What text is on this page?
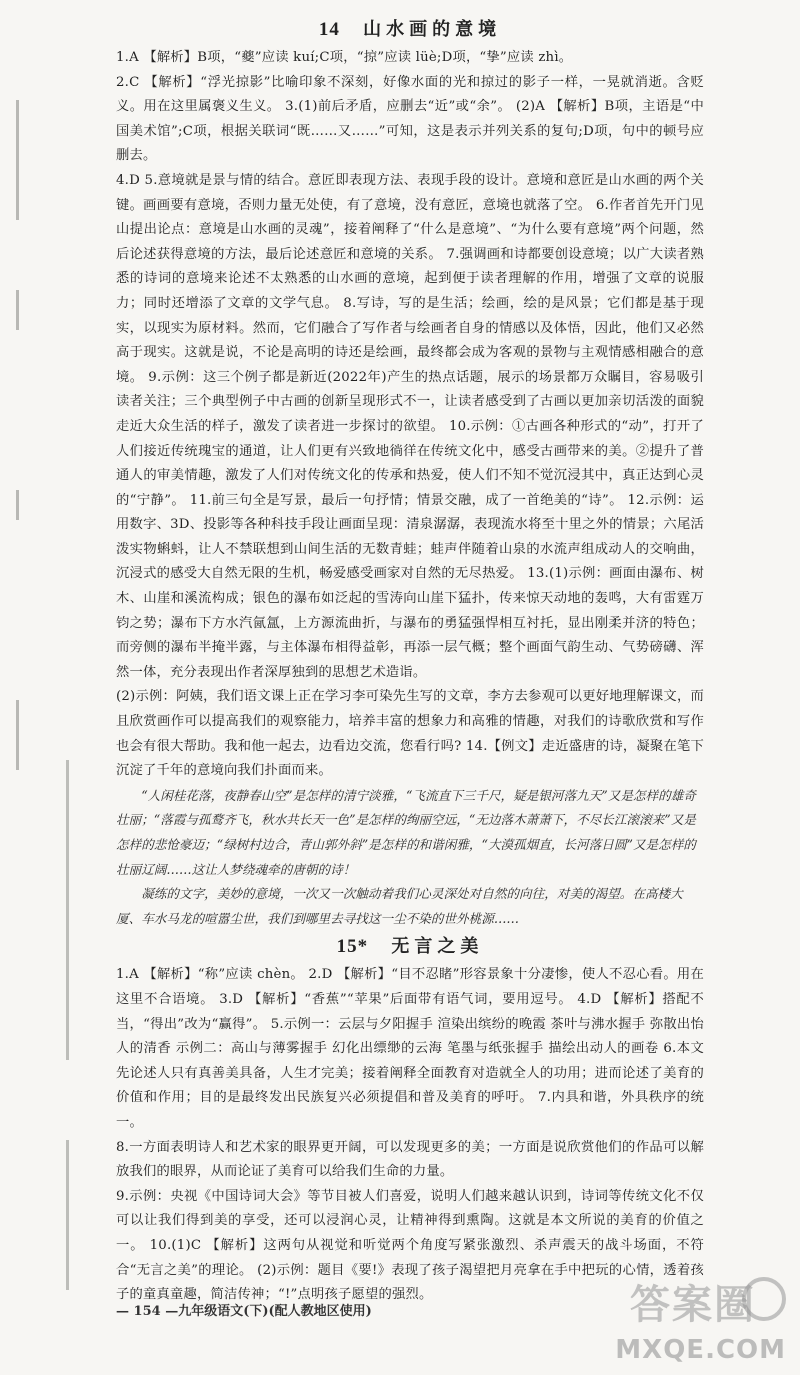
14 山水画的意境

1.A 【解析】B项，“夔”应读 kuí;C项，“掠”应读 lüè;D项，“挚”应读 zhì。

2.C 【解析】“浮光掠影”比喻印象不深刻，好像水面的光和掠过的影子一样，一晃就消逝。含贬义。用在这里属褒义生义。 3.(1)前后矛盾，应删去“近”或“余”。 (2)A 【解析】B项，主语是“中国美术馆”;C项，根据关联词“既……又……”可知，这是表示并列关系的复句;D项，句中的顿号应删去。

4.D 5.意境就是景与情的结合。意匠即表现方法、表现手段的设计。意境和意匠是山水画的两个关键。画画要有意境，否则力量无处使，有了意境，没有意匠，意境也就落了空。 6.作者首先开门见山提出论点：意境是山水画的灵魂”，接着阐释了“什么是意境”、“为什么要有意境”两个问题，然后论述获得意境的方法，最后论述意匠和意境的关系。 7.强调画和诗都要创设意境；以广大读者熟悉的诗词的意境来论述不太熟悉的山水画的意境，起到便于读者理解的作用，增强了文章的说服力；同时还增添了文章的文学气息。 8.写诗，写的是生活；绘画，绘的是风景；它们都是基于现实，以现实为原材料。然而，它们融合了写作者与绘画者自身的情感以及体悟，因此，他们又必然高于现实。这就是说，不论是高明的诗还是绘画，最终都会成为客观的景物与主观情感相融合的意境。 9.示例：这三个例子都是新近(2022年)产生的热点话题，展示的场景都万众瞩目，容易吸引读者关注；三个典型例子中古画的创新呈现形式不一，让读者感受到了古画以更加亲切活泼的面貌走近大众生活的样子，激发了读者进一步探讨的欲望。 10.示例：①古画各种形式的“动”，打开了人们接近传统瑰宝的通道，让人们更有兴致地徜徉在传统文化中，感受古画带来的美。②提升了普通人的审美情趣，激发了人们对传统文化的传承和热爱，使人们不知不觉沉浸其中，真正达到心灵的“宁静”。 11.前三句全是写景，最后一句抒情；情景交融，成了一首绝美的“诗”。 12.示例：运用数字、3D、投影等各种科技手段让画面呈现：清泉潺潺，表现流水将至十里之外的情景；六尾活泼实物蝌蚪，让人不禁联想到山间生活的无数青蛙；蛙声伴随着山泉的水流声组成动人的交响曲，沉浸式的感受大自然无限的生机，畅爱感受画家对自然的无尽热爱。 13.(1)示例：画面由瀑布、树木、山崖和溪流构成；银色的瀑布如泛起的雪涛向山崖下猛扑，传来惊天动地的轰鸣，大有雷霆万钧之势；瀑布下方水汽氤氲，上方源流曲折，与瀑布的勇猛强悍相互衬托，显出刚柔并济的特色；而旁侧的瀑布半掩半露，与主体瀑布相得益彰，再添一层气概；整个画面气韵生动、气势磅礴、浑然一体，充分表现出作者深厚独到的思想艺术造诣。

(2)示例：阿姨，我们语文课上正在学习李可染先生写的文章，李方去参观可以更好地理解课文，而且欣赏画作可以提高我们的观察能力，培养丰富的想象力和高雅的情趣，对我们的诗歌欣赏和写作也会有很大帮助。我和他一起去，边看边交流，您看行吗? 14.【例文】走近盛唐的诗，凝聚在笔下沉淀了千年的意境向我们扑面而来。

“人闲桂花落，夜静春山空”是怎样的清宁淡雅，“飞流直下三千尺，疑是银河落九天”又是怎样的雄奇壮丽；“落霞与孤鹜齐飞，秋水共长天一色”是怎样的绚丽空远，“无边落木萧萧下，不尽长江滚滚来”又是怎样的悲怆豪迈；“绿树村边合，青山郭外斜”是怎样的和谐闲雅，“大漠孤烟直，长河落日圆”又是怎样的壮丽辽阔……这让人梦绕魂牵的唐朝的诗！

凝练的文字，美妙的意境，一次又一次触动着我们心灵深处对自然的向往，对美的渴望。在高楼大厦、车水马龙的喧嚣尘世，我们到哪里去寻找这一尘不染的世外桃源……

15* 无言之美

1.A 【解析】“称”应读 chèn。 2.D 【解析】“目不忍睹”形容景象十分凄惨，使人不忍心看。用在这里不合语境。 3.D 【解析】“香蕉”“苹果”后面带有语气词，要用逗号。 4.D 【解析】搭配不当，“得出”改为“赢得”。 5.示例一：云层与夕阳握手 渲染出缤纷的晚霞 茶叶与沸水握手 弥散出怡人的清香 示例二：高山与薄雾握手 幻化出缥缈的云海 笔墨与纸张握手 描绘出动人的画卷 6.本文先论述人只有真善美具备，人生才完美；接着阐释全面教育对造就全人的功用；进而论述了美育的价值和作用；目的是最终发出民族复兴必须提倡和普及美育的呼吁。 7.内具和谐，外具秩序的统一。

8.一方面表明诗人和艺术家的眼界更开阔，可以发现更多的美；一方面是说欣赏他们的作品可以解放我们的眼界，从而论证了美育可以给我们生命的力量。

9.示例：央视《中国诗词大会》等节目被人们喜爱，说明人们越来越认识到，诗词等传统文化不仅可以让我们得到美的享受，还可以浸润心灵，让精神得到熏陶。这就是本文所说的美育的价值之一。 10.(1)C 【解析】这两句从视觉和听觉两个角度写紧张激烈、杀声震天的战斗场面，不符合“无言之美”的理论。 (2)示例：题目《要!》表现了孩子渴望把月亮拿在手中把玩的心情，透着孩子的童真童趣，简洁传神；“!”点明孩子愿望的强烈。

— 154 —九年级语文(下)(配人教地区使用)	答案圈
MXQE.COM
